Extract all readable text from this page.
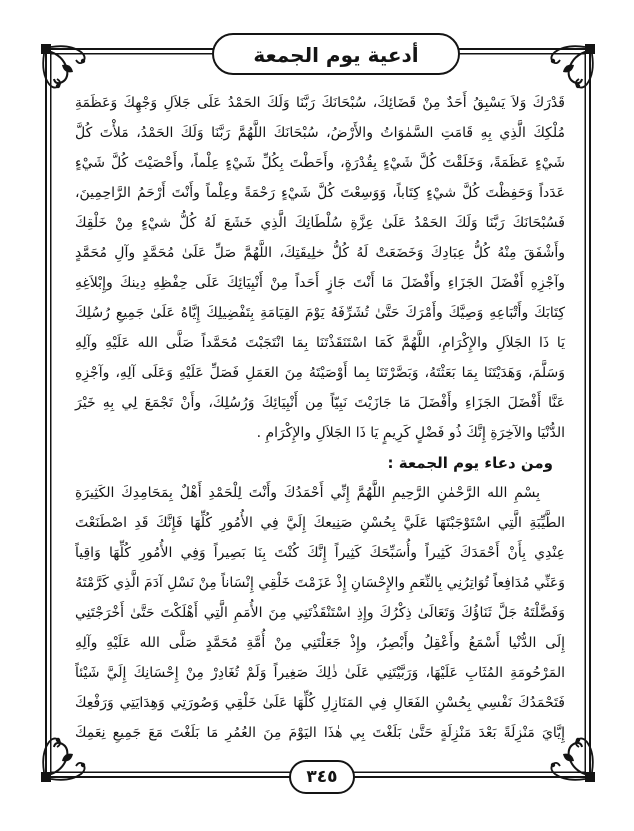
أدعية يوم الجمعة
قَدْرَكَ وَلاَ يَسْبِقُ أَحَدٌ مِنْ قَضَائِكَ، سُبْحَانَكَ رَبَّنَا وَلَكَ الحَمْدُ عَلَى جَلاَلِ وَجْهِكَ وَعَظَمَةِ
مُلْكِكَ الَّذِي بِهِ قَامَتِ السَّمٰوَاتُ والأَرْضُ، سُبْحَانَكَ اللَّهُمَّ رَبَّنَا وَلَكَ الحَمْدُ، مَلأْتَ كُلَّ
شَيْءٍ عَظَمَةً، وَخَلَقْتَ كُلَّ شَيْءٍ بِقُدْرَةٍ، وأَحَطْتَ بِكُلِّ شَيْءٍ عِلْماً، وأَحْصَيْتَ كُلَّ شَيْءٍ
عَدَداً وَحَفِظْتَ كُلَّ شيْءٍ كِتَاباً، وَوَسِعْتَ كُلَّ شَيْءٍ رَحْمَةً وعِلْماً وأَنْتَ أَرْحَمُ الرَّاحِمِينَ،
فَسُبْحَانَكَ رَبَّنَا وَلَكَ الحَمْدُ عَلَىٰ عِزَّةِ سُلْطَانِكَ الَّذِي خَشَعَ لَهُ كُلُّ شيْءٍ مِنْ خَلْقِكَ
وأَشْفَقَ مِنْهُ كُلُّ عِبَادِكَ وَخَضَعَتْ لَهُ كُلُّ خلِيقَتِكَ، اللَّهُمَّ صَلِّ عَلَىٰ مُحَمَّدٍ وآلِ مُحَمَّدٍ
وآجْزِهِ أَفْضَلَ الجَزَاءِ وأَفْضَلَ مَا أَنْتَ جَازٍ أَحَداً مِنْ أَنْبِيَائِكَ عَلَى حِفْظِهِ دِينكَ وإِبْلاَغِهِ
كِتَابَكَ وأَتْبَاعِهِ وَصِيَّكَ وأَمْرَكَ حَتَّىٰ تُشَرِّفَهُ يَوْمَ القِيَامَةِ بِتَفْضِيلِكَ إِيَّاهُ عَلَىٰ جَمِيعِ رُسُلِكَ
يَا ذَا الجَلاَلِ والإِكْرَامِ، اللَّهُمَّ كَمَا اسْتَنَقَذْتَنَا بِمَا انْتَجَبْتَ مُحَمَّداً صَلَّى الله عَلَيْهِ وآلِهِ
وَسَلَّمَ، وَهَدَيْتَنَا بِمَا بَعَثْتَهُ، وَبَصَّرْتَنَا بِما أَوْصَيْتَهُ مِنَ العَمَلِ فَصَلِّ عَلَيْهِ وَعَلَى آلِهِ، وآجْزِهِ
عَنَّا أَفْضَلَ الجَزَاءِ وأَفْضَلَ مَا جَازَيْتَ نَبِيّاً مِن أَنْبِيَائِكَ وَرُسُلِكَ، وأَنْ تَجْمَعَ لِي بِهِ خَيْرَ
الدُّنْيَا والآخِرَةِ إِنَّكَ ذُو فَضْلٍ كَرِيمٍ يَا ذَا الجَلاَلِ والإِكْرَامِ .
ومن دعاء يوم الجمعة :
بِسْمِ الله الرَّحْمٰنِ الرَّحِيمِ اللَّهُمَّ إِنِّي أَحْمَدُكَ وأَنْتَ لِلْحَمْدِ أَهْلٌ بِمَحَامِدِكَ الكَثِيرَةِ
الطَّيِّبَةِ الَّتِي اسْتَوْجَبْتَهَا عَلَيَّ بِحُسْنِ صَنِيعكَ إِلَيَّ فِي الأُمُورِ كُلِّهَا فَإِنَّكَ قَدِ اصْطَنَعْتَ
عِنْدِي بِأَنْ أَحْمَدَكَ كَثِيراً وأُسَبِّحَكَ كَثِيراً إِنَّكَ كُنْتَ بِنَا بَصِيراً وَفِي الأُمُورِ كُلِّهَا وَاقِياً
وَعَنِّي مُدَافِعاً تُوَاتِرُنِي بِالنِّعَمِ والإِحْسَانِ إِذْ عَزَمْتَ خَلْقِي إِنْسَاناً مِنْ نَسْلِ آدَمَ الَّذِي كَرَّمْتَهُ
وَفَضَّلْتَهُ جَلَّ ثَنَاؤُكَ وَتَعَالَىٰ ذِكْرُكَ وإِذِ اسْتَنْقَذْتَنِي مِنَ الأُمَمِ الَّتِي أَهْلَكْتَ حَتَّىٰ أَخْرَجْتَنِي
إِلَى الدُّنْيا أَسْمَعُ وأَعْقِلُ وأَبْصِرُ، وإِذْ جَعَلْتَنِي مِنْ أُمَّةِ مُحَمَّدٍ صَلَّى الله عَلَيْهِ وآلِهِ
المَرْحُومَةِ المُثَابِ عَلَيْهَا، وَرَبَّيْتَنِي عَلَىٰ ذٰلِكَ صَغِيراً وَلَمْ تُغَادِرْ مِنْ إِحْسَانِكَ إِلَيَّ شَيْئاً
فَتَحْمَدُكَ نَفْسِي بِحُسْنِ الفَعَالِ فِي المَنَازِلِ كُلِّهَا عَلَىٰ خَلْقِي وَصُورَتِي وَهِدَايَتِي وَرَفْعِكَ
إِيَّايَ مَنْزِلَةً بَعْدَ مَنْزِلَةٍ حَتَّىٰ بَلَغْتَ بِي هٰذَا اليَوْمَ مِنَ العُمُرِ مَا بَلَغْتَ مَعَ جَمِيعِ نِعَمِكَ
٣٤٥
